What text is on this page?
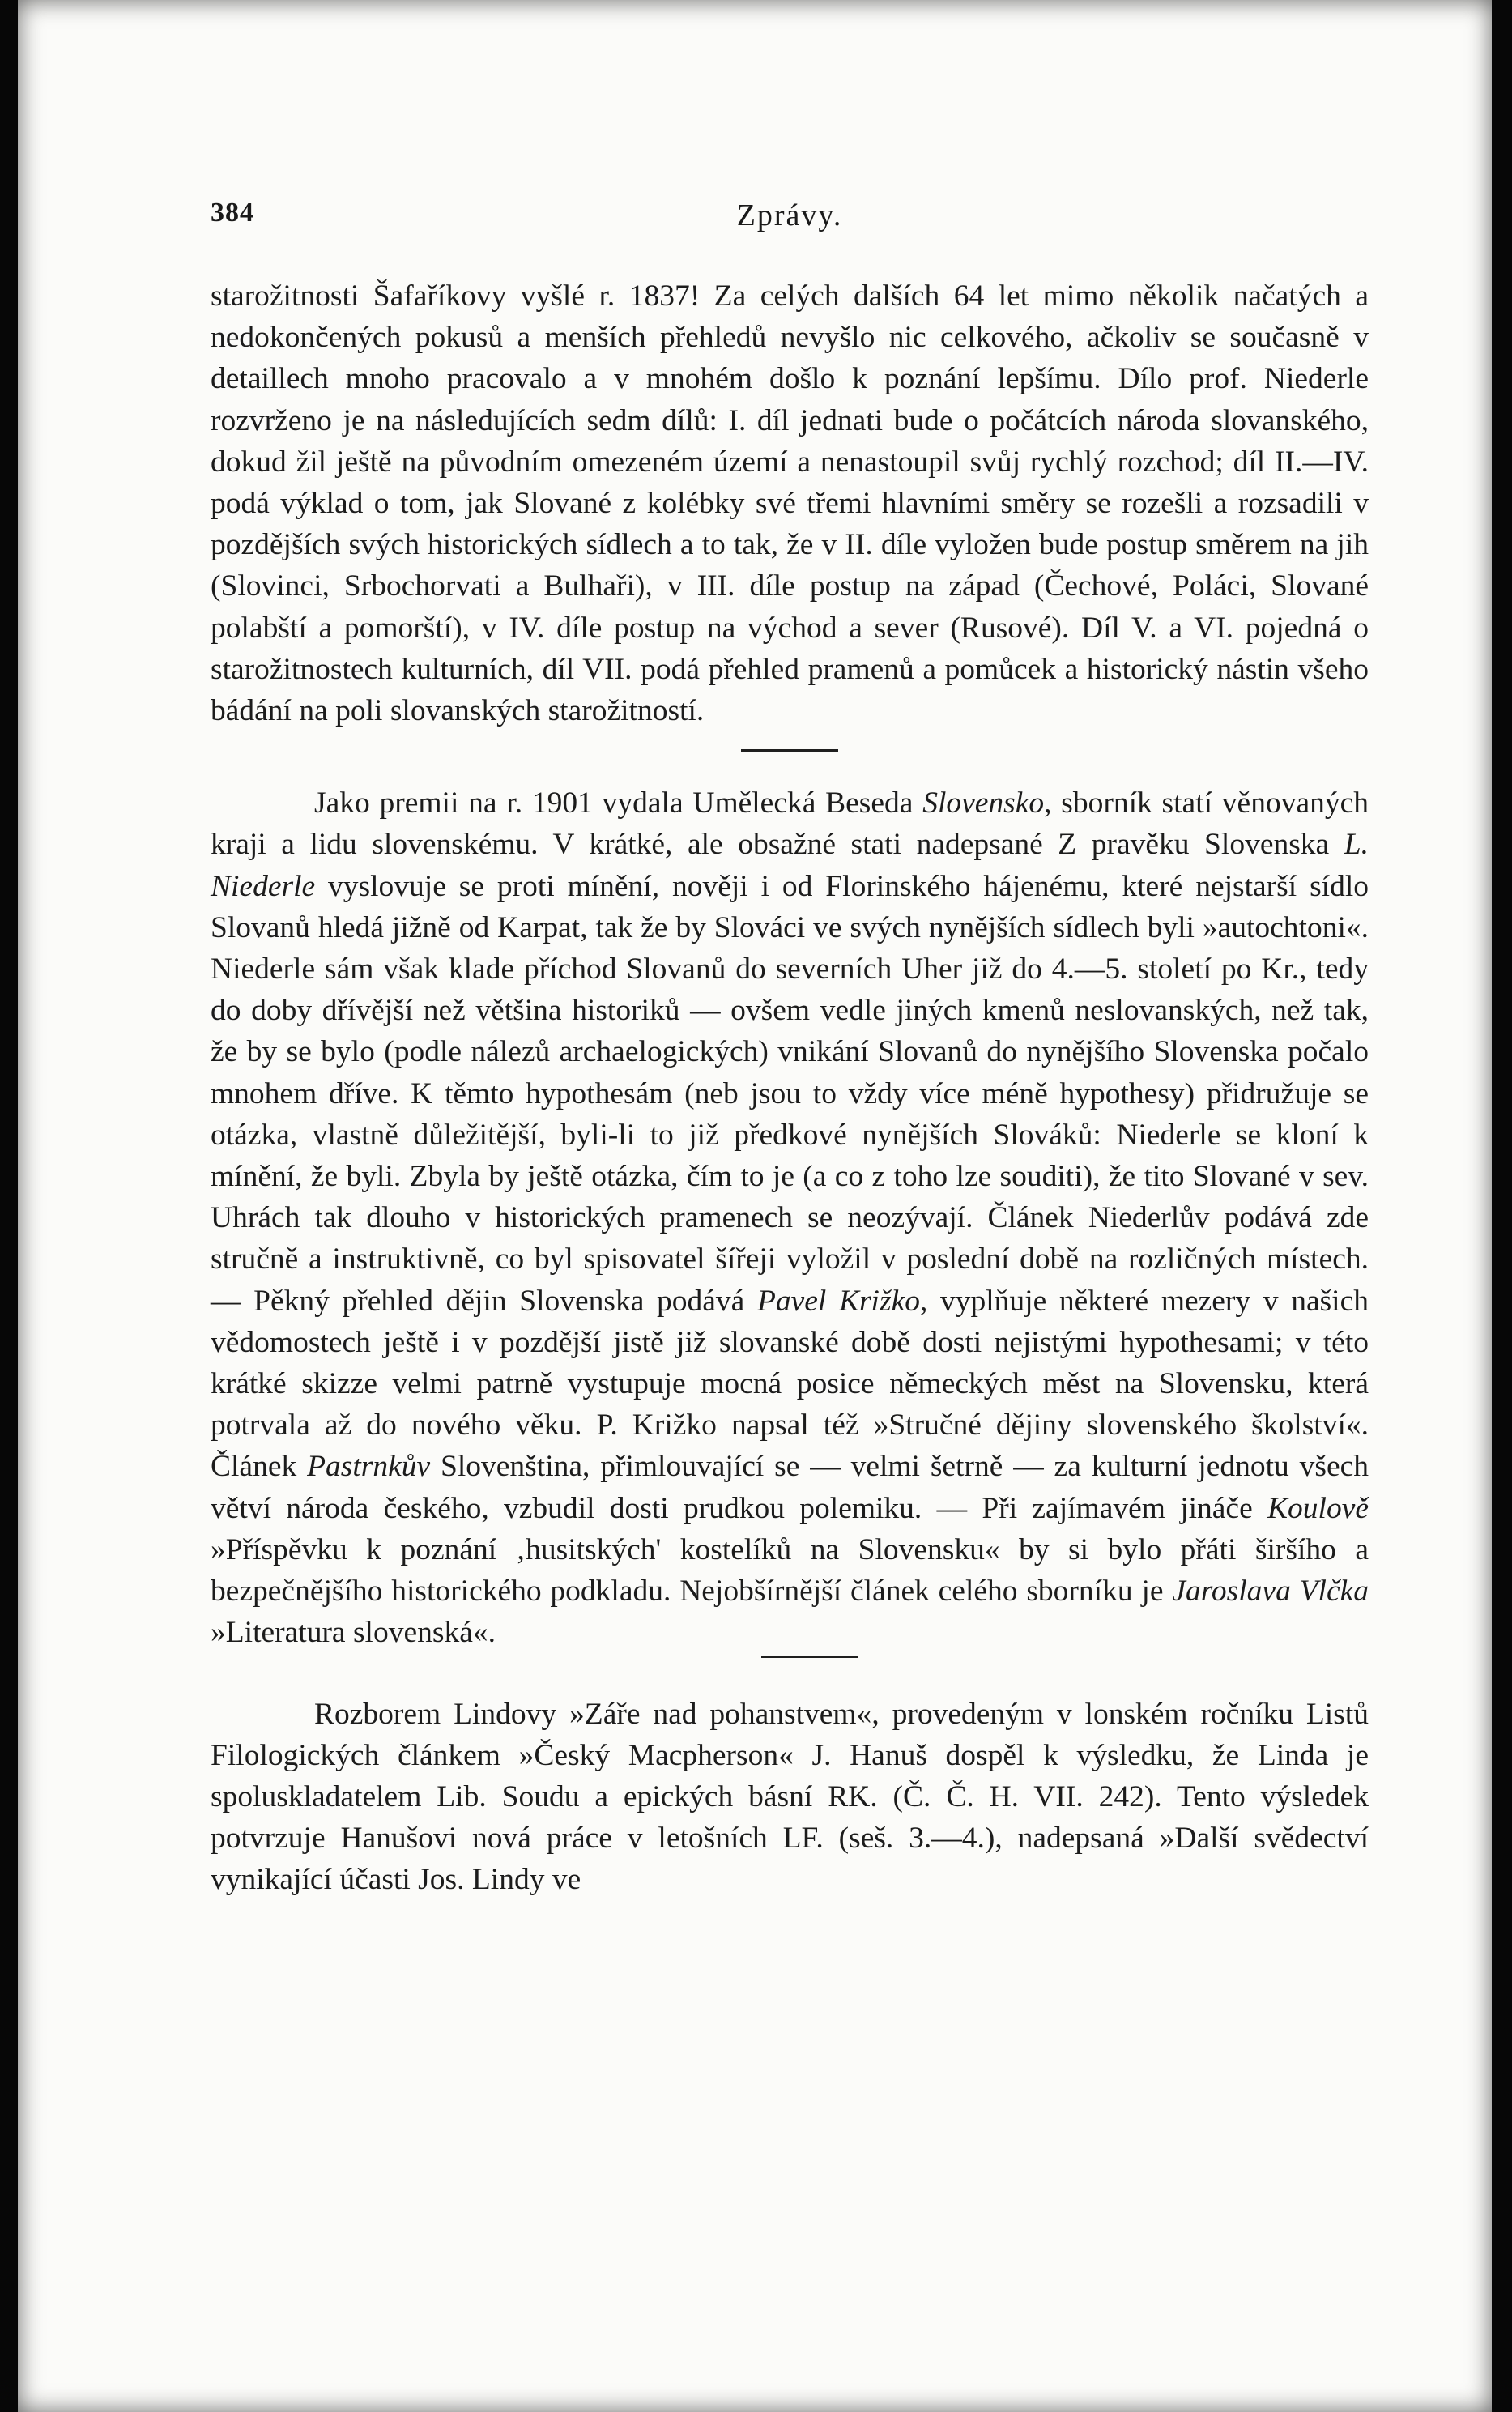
384	Zprávy.

starožitnosti Šafaříkovy vyšlé r. 1837! Za celých dalších 64 let mimo několik načatých a nedokončených pokusů a menších přehledů nevyšlo nic celkového, ačkoliv se současně v detaillech mnoho pracovalo a v mnohém došlo k poznání lepšímu. Dílo prof. Niederle rozvrženo je na následujících sedm dílů: I. díl jednati bude o počátcích národa slovanského, dokud žil ještě na původním omezeném území a nenastoupil svůj rychlý rozchod; díl II.—IV. podá výklad o tom, jak Slované z kolébky své třemi hlavními směry se rozešli a rozsadili v pozdějších svých historických sídlech a to tak, že v II. díle vyložen bude postup směrem na jih (Slovinci, Srbochorvati a Bulhaři), v III. díle postup na západ (Čechové, Poláci, Slované polabští a pomorští), v IV. díle postup na východ a sever (Rusové). Díl V. a VI. pojedná o starožitnostech kulturních, díl VII. podá přehled pramenů a pomůcek a historický nástin všeho bádání na poli slovanských starožitností.

Jako premii na r. 1901 vydala Umělecká Beseda Slovensko, sborník statí věnovaných kraji a lidu slovenskému. V krátké, ale obsažné stati nadepsané Z pravěku Slovenska L. Niederle vyslovuje se proti mínění, nověji i od Florinského hájenému, které nejstarší sídlo Slovanů hledá jižně od Karpat, tak že by Slováci ve svých nynějších sídlech byli »autochtoni«. Niederle sám však klade příchod Slovanů do severních Uher již do 4.—5. století po Kr., tedy do doby dřívější než většina historiků — ovšem vedle jiných kmenů neslovanských, než tak, že by se bylo (podle nálezů archaelogických) vnikání Slovanů do nynějšího Slovenska počalo mnohem dříve. K těmto hypothesám (neb jsou to vždy více méně hypothesy) přidružuje se otázka, vlastně důležitější, byli-li to již předkové nynějších Slováků: Niederle se kloní k mínění, že byli. Zbyla by ještě otázka, čím to je (a co z toho lze souditi), že tito Slované v sev. Uhrách tak dlouho v historických pramenech se neozývají. Článek Niederlův podává zde stručně a instruktivně, co byl spisovatel šířeji vyložil v poslední době na rozličných místech. — Pěkný přehled dějin Slovenska podává Pavel Križko, vyplňuje některé mezery v našich vědomostech ještě i v pozdější jistě již slovanské době dosti nejistými hypothesami; v této krátké skizze velmi patrně vystupuje mocná posice německých měst na Slovensku, která potrvala až do nového věku. P. Križko napsal též »Stručné dějiny slovenského školství«. Článek Pastrnkův Slovenština, přimlouvající se — velmi šetrně — za kulturní jednotu všech větví národa českého, vzbudil dosti prudkou polemiku. — Při zajímavém jináče Koulově »Příspěvku k poznání ‚husitských' kostelíků na Slovensku« by si bylo přáti širšího a bezpečnějšího historického podkladu. Nejobšírnější článek celého sborníku je Jaroslava Vlčka »Literatura slovenská«.

Rozborem Lindovy »Záře nad pohanstvem«, provedeným v lonském ročníku Listů Filologických článkem »Český Macpherson« J. Hanuš dospěl k výsledku, že Linda je spoluskladatelem Lib. Soudu a epických básní RK. (Č. Č. H. VII. 242). Tento výsledek potvrzuje Hanušovi nová práce v letošních LF. (seš. 3.—4.), nadepsaná »Další svědectví vynikající účasti Jos. Lindy ve
